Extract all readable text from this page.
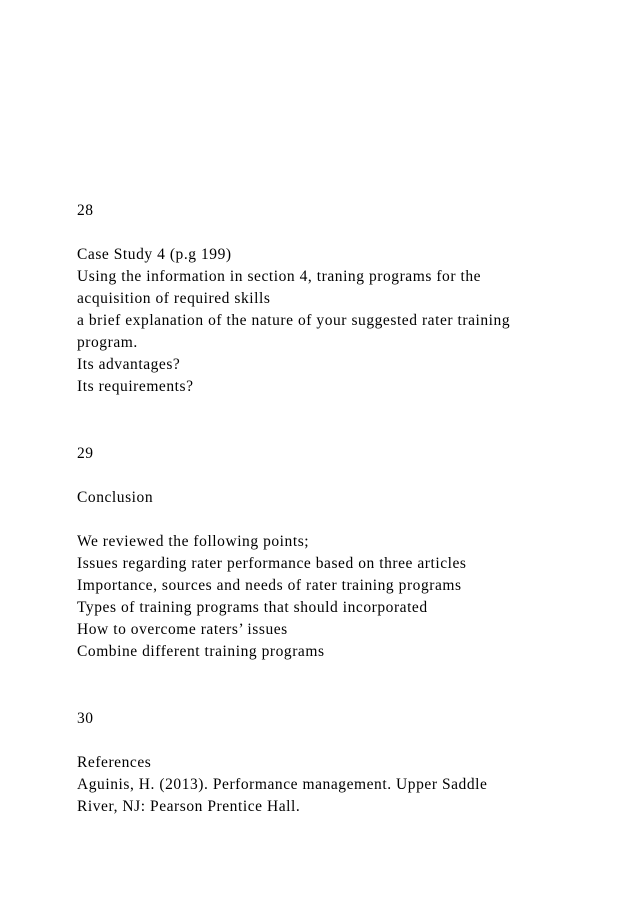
28
Case Study 4 (p.g 199)
Using the information in section 4, traning programs for the
acquisition of required skills
a brief explanation of the nature of your suggested rater training
program.
Its advantages?
Its requirements?
29
Conclusion
We reviewed the following points;
Issues regarding rater performance based on three articles
Importance, sources and needs of rater training programs
Types of training programs that should incorporated
How to overcome raters’ issues
Combine different training programs
30
References
Aguinis, H. (2013). Performance management. Upper Saddle
River, NJ: Pearson Prentice Hall.
